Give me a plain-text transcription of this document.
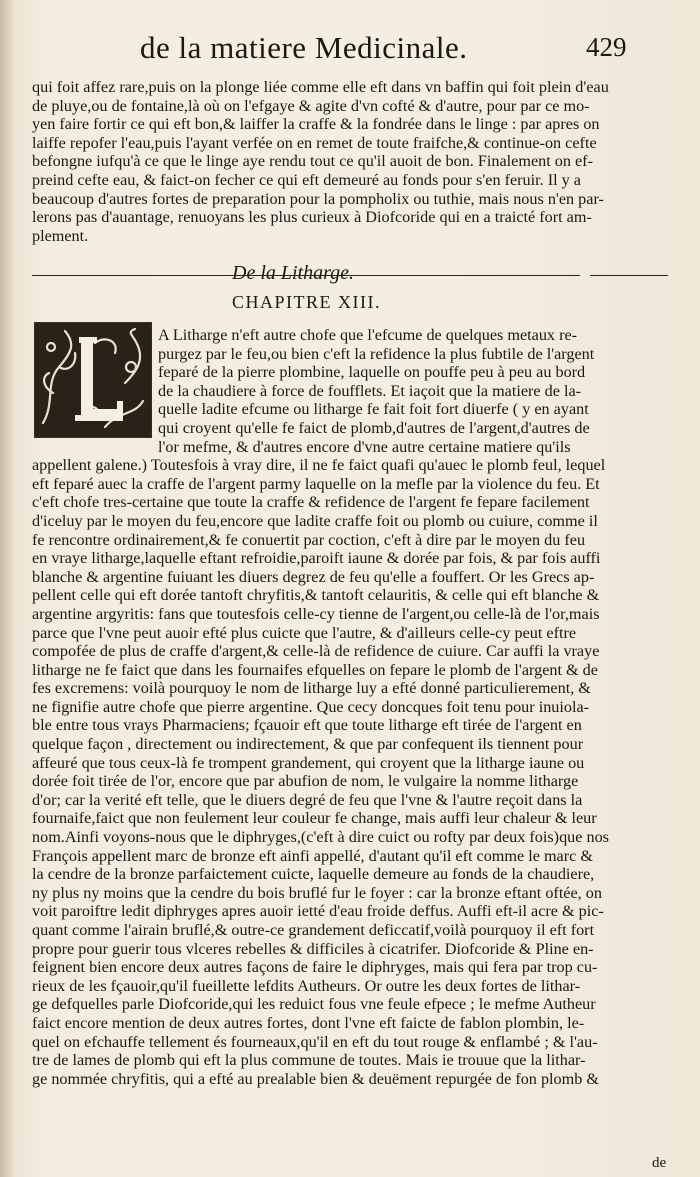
de la matiere Medicinale.	429
qui foit affez rare,puis on la plonge liée comme elle eft dans vn baffin qui foit plein d'eau
de pluye,ou de fontaine,là où on l'efgaye & agite d'vn cofté & d'autre, pour par ce mo-
yen faire fortir ce qui eft bon,& laiffer la craffe & la fondrée dans le linge : par apres on
laiffe repofer l'eau,puis l'ayant verfée on en remet de toute fraifche,& continue-on cefte
befongne iufqu'à ce que le linge aye rendu tout ce qu'il auoit de bon. Finalement on ef-
preind cefte eau, & faict-on fecher ce qui eft demeuré au fonds pour s'en feruir. Il y a
beaucoup d'autres fortes de preparation pour la pompholix ou tuthie, mais nous n'en par-
lerons pas d'auantage, renuoyans les plus curieux à Diofcoride qui en a traicté fort am-
plement.
De la Litharge.
CHAPITRE XIII.
L
A Litharge n'eft autre chofe que l'efcume de quelques metaux re-
purgez par le feu,ou bien c'eft la refidence la plus fubtile de l'argent
feparé de la pierre plombine, laquelle on pouffe peu à peu au bord
de la chaudiere à force de foufflets. Et iaçoit que la matiere de la-
quelle ladite efcume ou litharge fe fait foit fort diuerfe ( y en ayant
qui croyent qu'elle fe faict de plomb,d'autres de l'argent,d'autres de
l'or mefme, & d'autres encore d'vne autre certaine matiere qu'ils
appellent galene.) Toutesfois à vray dire, il ne fe faict quafi qu'auec le plomb feul, lequel
eft feparé auec la craffe de l'argent parmy laquelle on la mefle par la violence du feu. Et
c'eft chofe tres-certaine que toute la craffe & refidence de l'argent fe fepare facilement
d'iceluy par le moyen du feu,encore que ladite craffe foit ou plomb ou cuiure, comme il
fe rencontre ordinairement,& fe conuertit par coction, c'eft à dire par le moyen du feu
en vraye litharge,laquelle eftant refroidie,paroift iaune & dorée par fois, & par fois auffi
blanche & argentine fuiuant les diuers degrez de feu qu'elle a fouffert. Or les Grecs ap-
pellent celle qui eft dorée tantoft chryfitis,& tantoft celauritis, & celle qui eft blanche &
argentine argyritis: fans que toutesfois celle-cy tienne de l'argent,ou celle-là de l'or,mais
parce que l'vne peut auoir efté plus cuicte que l'autre, & d'ailleurs celle-cy peut eftre
compofée de plus de craffe d'argent,& celle-là de refidence de cuiure. Car auffi la vraye
litharge ne fe faict que dans les fournaifes efquelles on fepare le plomb de l'argent & de
fes excremens: voilà pourquoy le nom de litharge luy a efté donné particulierement, &
ne fignifie autre chofe que pierre argentine. Que cecy doncques foit tenu pour inuiola-
ble entre tous vrays Pharmaciens; fçauoir eft que toute litharge eft tirée de l'argent en
quelque façon , directement ou indirectement, & que par confequent ils tiennent pour
affeuré que tous ceux-là fe trompent grandement, qui croyent que la litharge iaune ou
dorée foit tirée de l'or, encore que par abufion de nom, le vulgaire la nomme litharge
d'or; car la verité eft telle, que le diuers degré de feu que l'vne & l'autre reçoit dans la
fournaife,faict que non feulement leur couleur fe change, mais auffi leur chaleur & leur
nom.Ainfi voyons-nous que le diphryges,(c'eft à dire cuict ou rofty par deux fois)que nos
François appellent marc de bronze eft ainfi appellé, d'autant qu'il eft comme le marc &
la cendre de la bronze parfaictement cuicte, laquelle demeure au fonds de la chaudiere,
ny plus ny moins que la cendre du bois bruflé fur le foyer : car la bronze eftant oftée, on
voit paroiftre ledit diphryges apres auoir ietté d'eau froide deffus. Auffi eft-il acre & pic-
quant comme l'airain bruflé,& outre-ce grandement deficcatif,voilà pourquoy il eft fort
propre pour guerir tous vlceres rebelles & difficiles à cicatrifer. Diofcoride & Pline en-
feignent bien encore deux autres façons de faire le diphryges, mais qui fera par trop cu-
rieux de les fçauoir,qu'il fueillette lefdits Autheurs. Or outre les deux fortes de lithar-
ge defquelles parle Diofcoride,qui les reduict fous vne feule efpece ; le mefme Autheur
faict encore mention de deux autres fortes, dont l'vne eft faicte de fablon plombin, le-
quel on efchauffe tellement és fourneaux,qu'il en eft du tout rouge & enflambé ; & l'au-
tre de lames de plomb qui eft la plus commune de toutes. Mais ie trouue que la lithar-
ge nommée chryfitis, qui a efté au prealable bien & deuëment repurgée de fon plomb &
de
